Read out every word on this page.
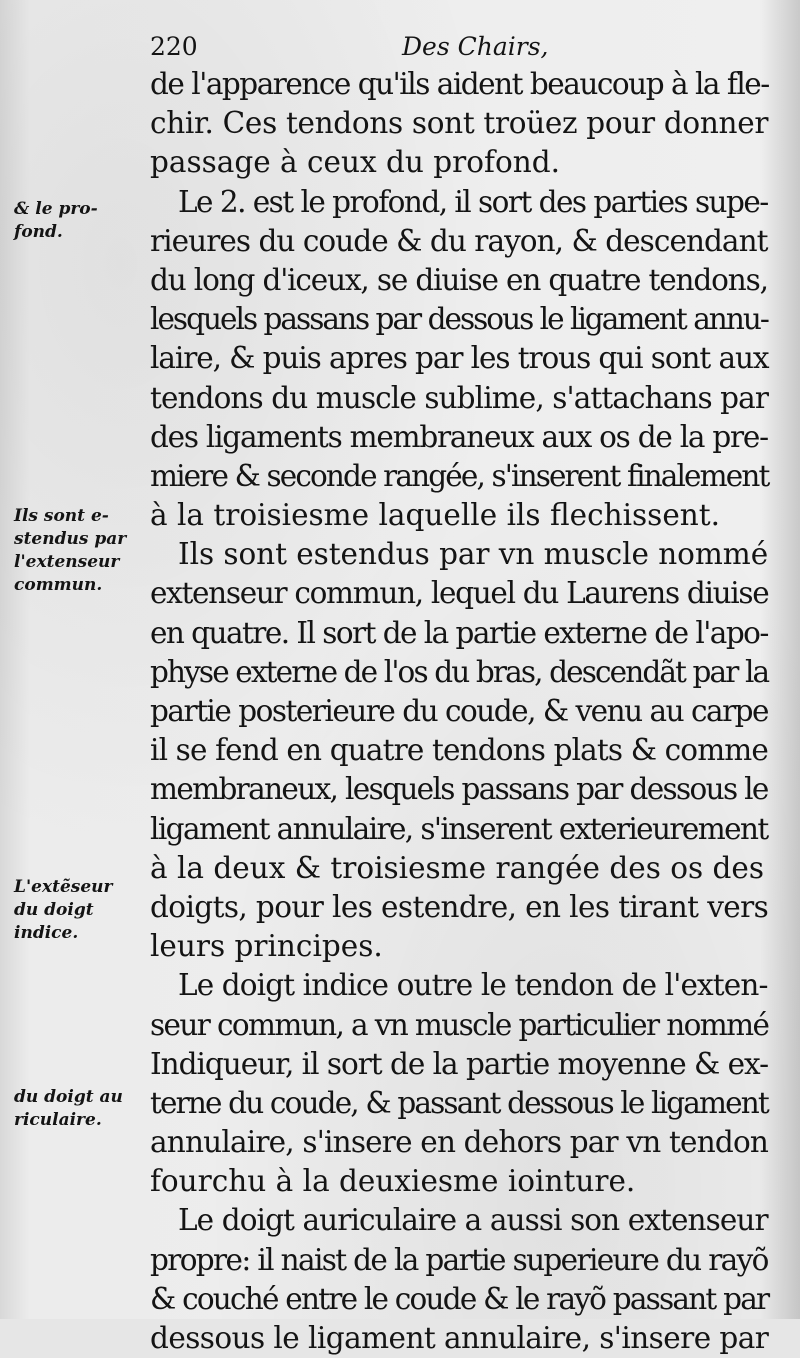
220	Des Chairs,
& le pro-
fond.
Ils sont e-
stendus par
l'extenseur
commun.
L'extẽseur
du doigt
indice.
du doigt au
riculaire.
de l'apparence qu'ils aident beaucoup à la fle-
chir. Ces tendons sont troüez pour donner
passage à ceux du profond.
Le 2. est le profond, il sort des parties supe-
rieures du coude & du rayon, & descendant
du long d'iceux, se diuise en quatre tendons,
lesquels passans par dessous le ligament annu-
laire, & puis apres par les trous qui sont aux
tendons du muscle sublime, s'attachans par
des ligaments membraneux aux os de la pre-
miere & seconde rangée, s'inserent finalement
à la troisiesme laquelle ils flechissent.
Ils sont estendus par vn muscle nommé
extenseur commun, lequel du Laurens diuise
en quatre. Il sort de la partie externe de l'apo-
physe externe de l'os du bras, descendãt par la
partie posterieure du coude, & venu au carpe
il se fend en quatre tendons plats & comme
membraneux, lesquels passans par dessous le
ligament annulaire, s'inserent exterieurement
à la deux & troisiesme rangée des os des
doigts, pour les estendre, en les tirant vers
leurs principes.
Le doigt indice outre le tendon de l'exten-
seur commun, a vn muscle particulier nommé
Indiqueur, il sort de la partie moyenne & ex-
terne du coude, & passant dessous le ligament
annulaire, s'insere en dehors par vn tendon
fourchu à la deuxiesme iointure.
Le doigt auriculaire a aussi son extenseur
propre: il naist de la partie superieure du rayõ
& couché entre le coude & le rayõ passant par
dessous le ligament annulaire, s'insere par
